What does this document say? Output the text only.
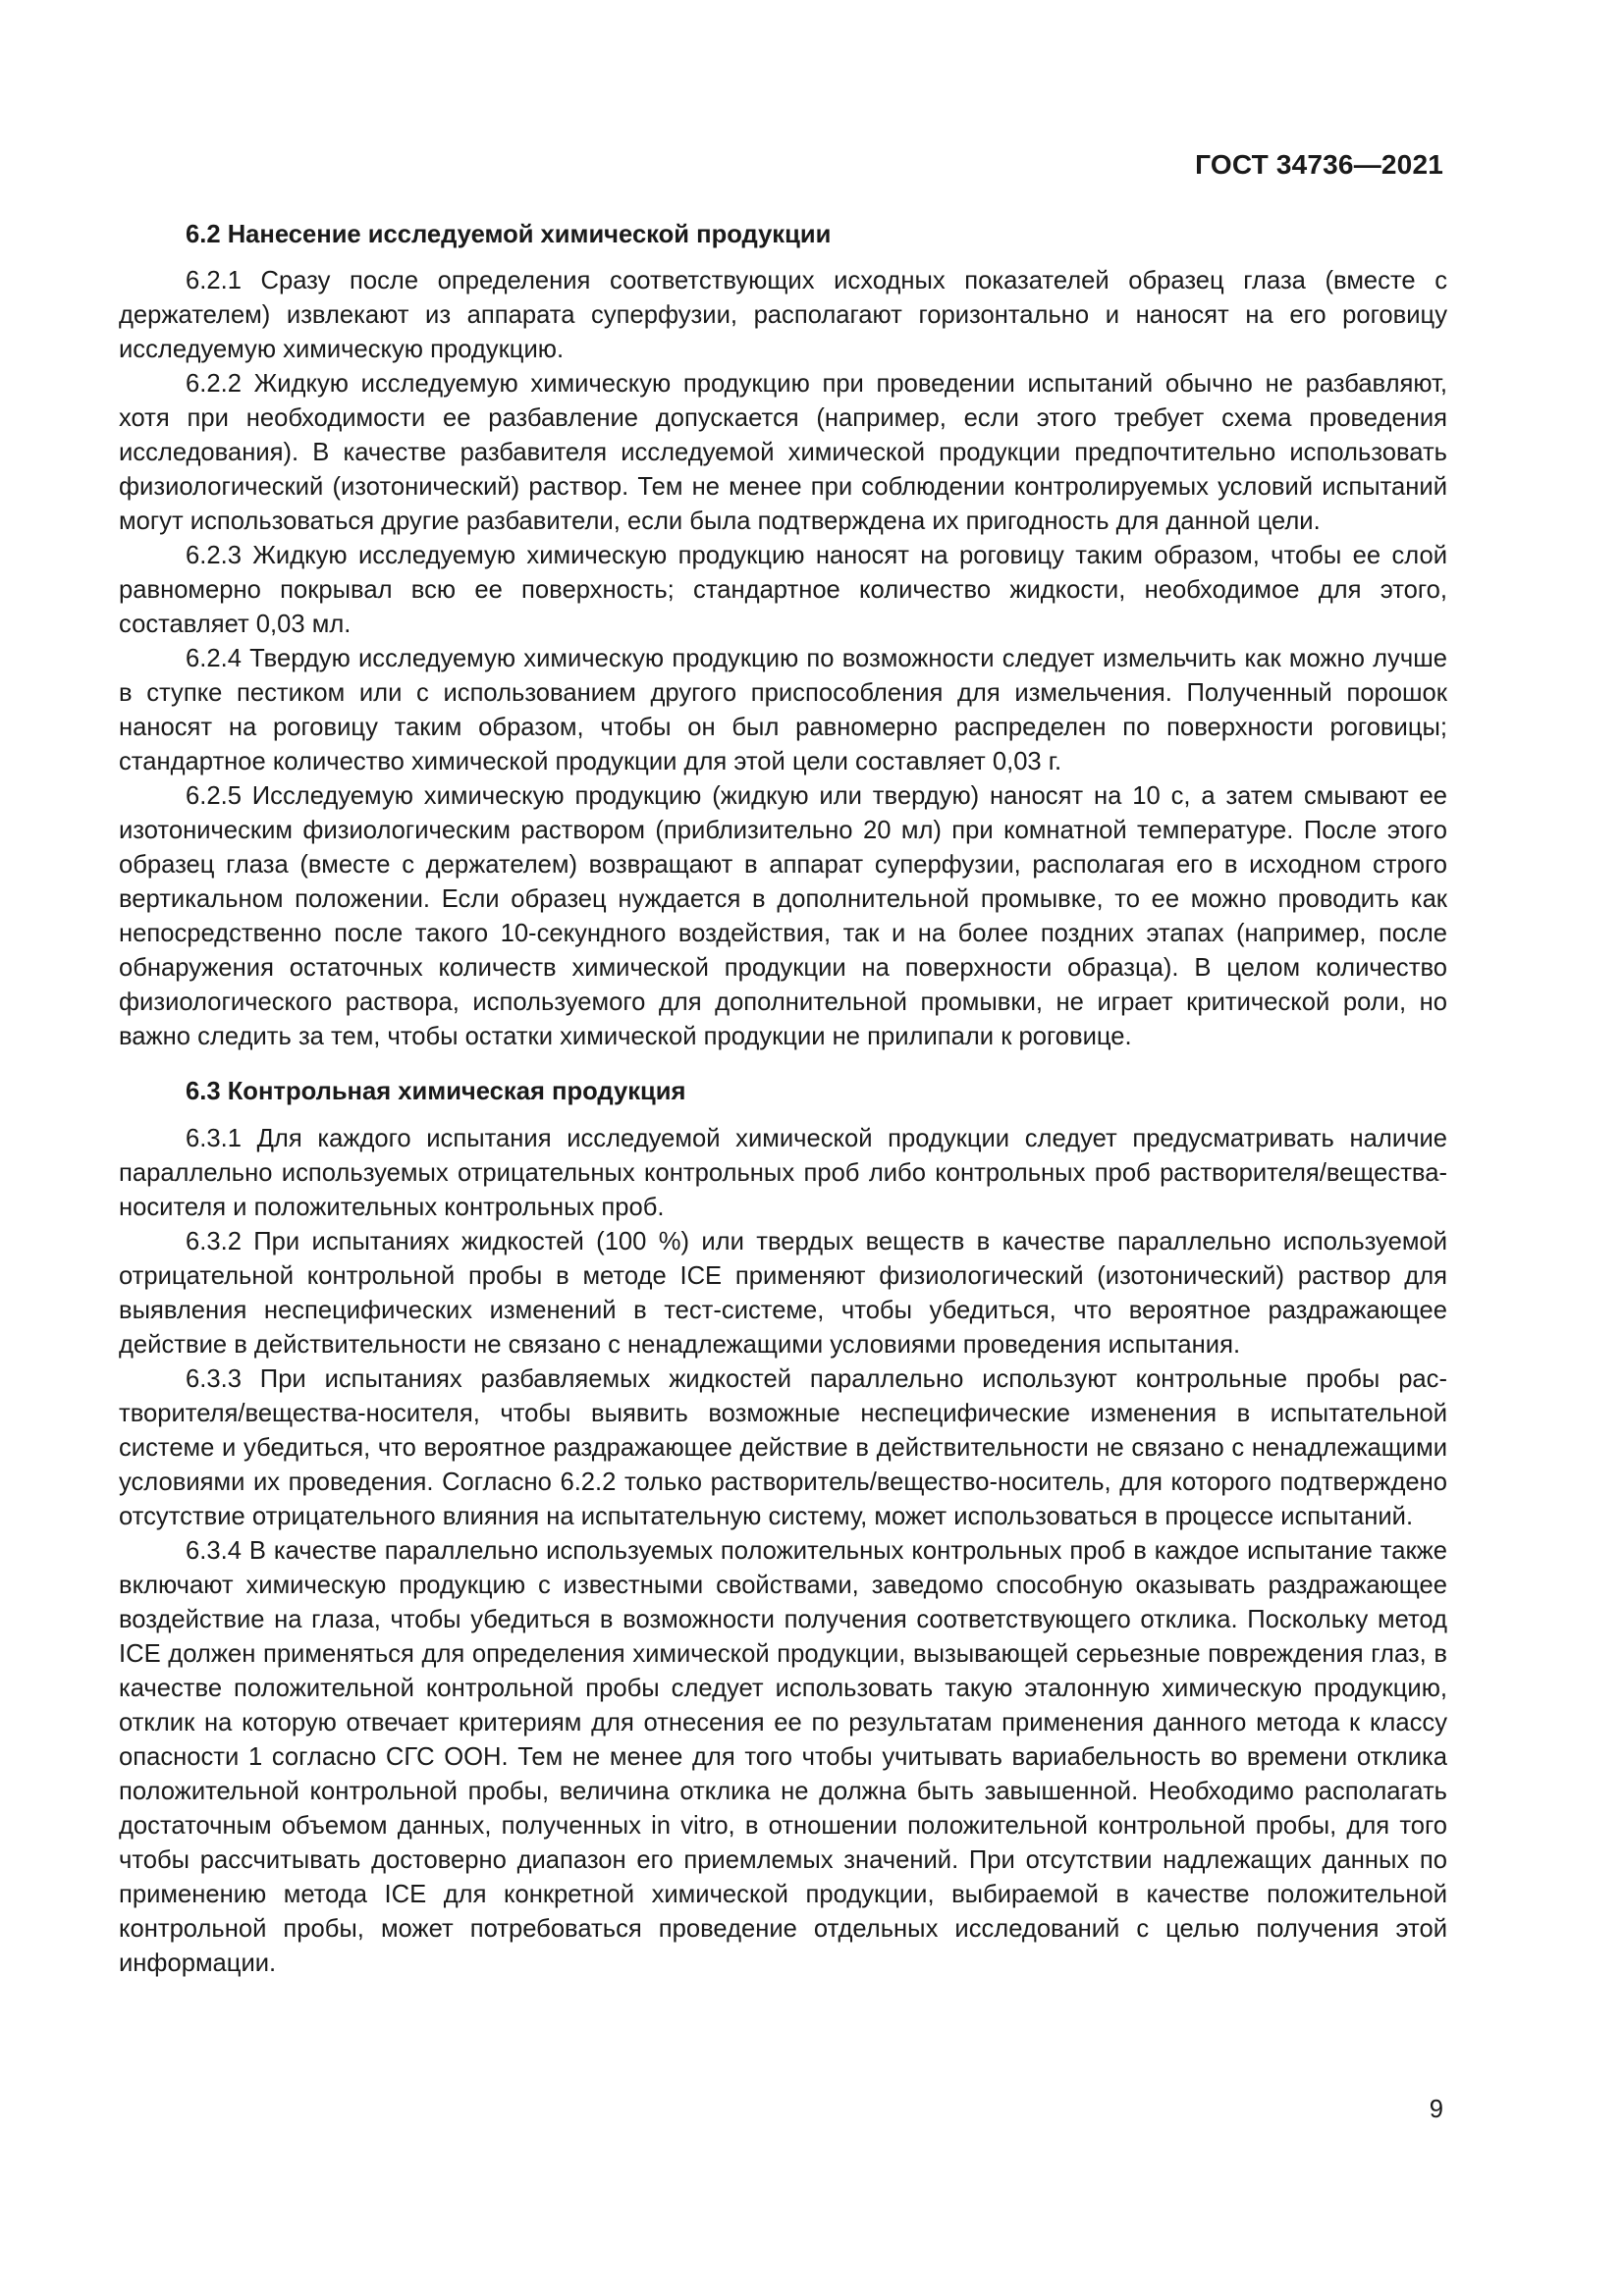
ГОСТ 34736—2021
6.2 Нанесение исследуемой химической продукции

6.2.1 Сразу после определения соответствующих исходных показателей образец глаза (вместе с держателем) извлекают из аппарата суперфузии, располагают горизонтально и наносят на его роговицу исследуемую химическую продукцию.

6.2.2 Жидкую исследуемую химическую продукцию при проведении испытаний обычно не разбавляют, хотя при необходимости ее разбавление допускается (например, если этого требует схема проведения исследования). В качестве разбавителя исследуемой химической продукции предпочтительно использовать физиологический (изотонический) раствор. Тем не менее при соблюдении контролируемых условий испытаний могут использоваться другие разбавители, если была подтверждена их пригодность для данной цели.

6.2.3 Жидкую исследуемую химическую продукцию наносят на роговицу таким образом, чтобы ее слой равномерно покрывал всю ее поверхность; стандартное количество жидкости, необходимое для этого, составляет 0,03 мл.

6.2.4 Твердую исследуемую химическую продукцию по возможности следует измельчить как можно лучше в ступке пестиком или с использованием другого приспособления для измельчения. Полученный порошок наносят на роговицу таким образом, чтобы он был равномерно распределен по поверхности роговицы; стандартное количество химической продукции для этой цели составляет 0,03 г.

6.2.5 Исследуемую химическую продукцию (жидкую или твердую) наносят на 10 с, а затем смывают ее изотоническим физиологическим раствором (приблизительно 20 мл) при комнатной температуре. После этого образец глаза (вместе с держателем) возвращают в аппарат суперфузии, располагая его в исходном строго вертикальном положении. Если образец нуждается в дополнительной промывке, то ее можно проводить как непосредственно после такого 10-секундного воздействия, так и на более поздних этапах (например, после обнаружения остаточных количеств химической продукции на поверхности образца). В целом количество физиологического раствора, используемого для дополнительной промывки, не играет критической роли, но важно следить за тем, чтобы остатки химической продукции не прилипали к роговице.

6.3 Контрольная химическая продукция

6.3.1 Для каждого испытания исследуемой химической продукции следует предусматривать наличие параллельно используемых отрицательных контрольных проб либо контрольных проб растворителя/вещества-носителя и положительных контрольных проб.

6.3.2 При испытаниях жидкостей (100 %) или твердых веществ в качестве параллельно используемой отрицательной контрольной пробы в методе ICE применяют физиологический (изотонический) раствор для выявления неспецифических изменений в тест-системе, чтобы убедиться, что вероятное раздражающее действие в действительности не связано с ненадлежащими условиями проведения испытания.

6.3.3 При испытаниях разбавляемых жидкостей параллельно используют контрольные пробы растворителя/вещества-носителя, чтобы выявить возможные неспецифические изменения в испытательной системе и убедиться, что вероятное раздражающее действие в действительности не связано с ненадлежащими условиями их проведения. Согласно 6.2.2 только растворитель/вещество-носитель, для которого подтверждено отсутствие отрицательного влияния на испытательную систему, может использоваться в процессе испытаний.

6.3.4 В качестве параллельно используемых положительных контрольных проб в каждое испытание также включают химическую продукцию с известными свойствами, заведомо способную оказывать раздражающее воздействие на глаза, чтобы убедиться в возможности получения соответствующего отклика. Поскольку метод ICE должен применяться для определения химической продукции, вызывающей серьезные повреждения глаз, в качестве положительной контрольной пробы следует использовать такую эталонную химическую продукцию, отклик на которую отвечает критериям для отнесения ее по результатам применения данного метода к классу опасности 1 согласно СГС ООН. Тем не менее для того чтобы учитывать вариабельность во времени отклика положительной контрольной пробы, величина отклика не должна быть завышенной. Необходимо располагать достаточным объемом данных, полученных in vitro, в отношении положительной контрольной пробы, для того чтобы рассчитывать достоверно диапазон его приемлемых значений. При отсутствии надлежащих данных по применению метода ICE для конкретной химической продукции, выбираемой в качестве положительной контрольной пробы, может потребоваться проведение отдельных исследований с целью получения этой информации.

9
